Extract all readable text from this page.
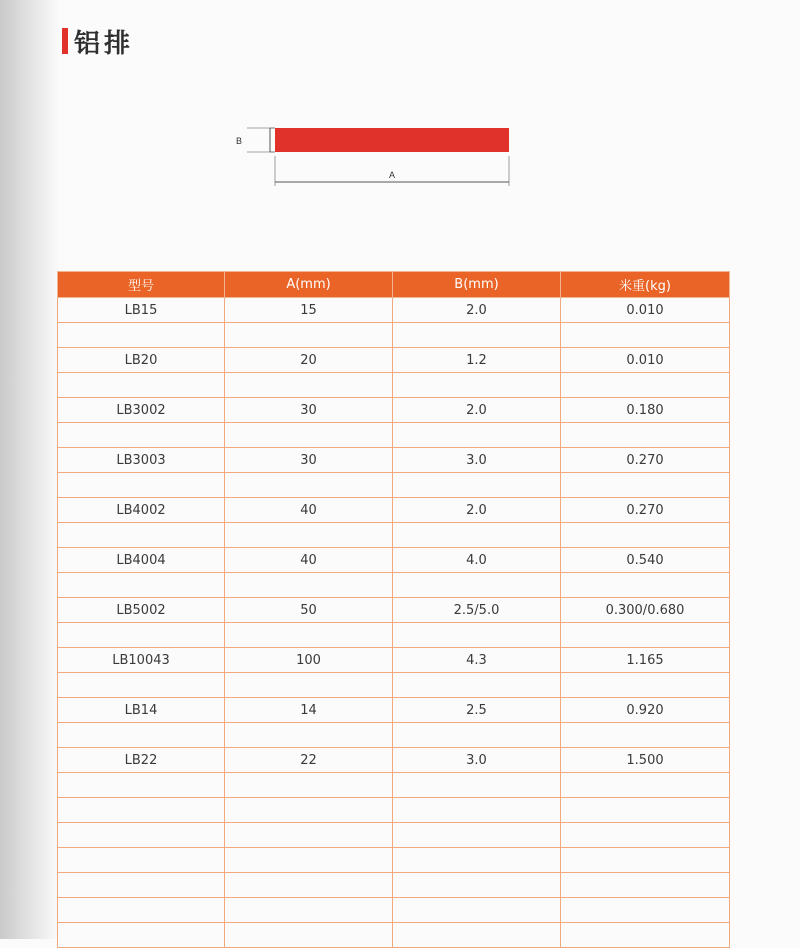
铝排
B
A
型号	A(mm)	B(mm)	米重(kg)
LB15	15	2.0	0.010

LB20	20	1.2	0.010

LB3002	30	2.0	0.180

LB3003	30	3.0	0.270

LB4002	40	2.0	0.270

LB4004	40	4.0	0.540

LB5002	50	2.5/5.0	0.300/0.680

LB10043	100	4.3	1.165

LB14	14	2.5	0.920

LB22	22	3.0	1.500
